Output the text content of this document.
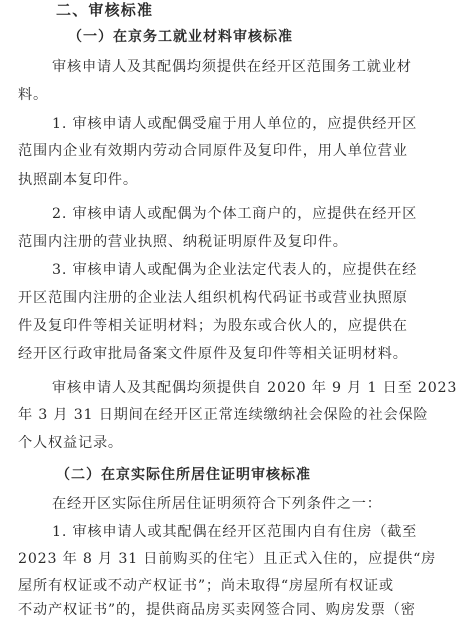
二、审核标准
（一）在京务工就业材料审核标准
审核申请人及其配偶均须提供在经开区范围务工就业材
料。
1. 审核申请人或配偶受雇于用人单位的，应提供经开区
范围内企业有效期内劳动合同原件及复印件，用人单位营业
执照副本复印件。
2. 审核申请人或配偶为个体工商户的，应提供在经开区
范围内注册的营业执照、纳税证明原件及复印件。
3. 审核申请人或配偶为企业法定代表人的，应提供在经
开区范围内注册的企业法人组织机构代码证书或营业执照原
件及复印件等相关证明材料；为股东或合伙人的，应提供在
经开区行政审批局备案文件原件及复印件等相关证明材料。
审核申请人及其配偶均须提供自 2020 年 9 月 1 日至 2023
年 3 月 31 日期间在经开区正常连续缴纳社会保险的社会保险
个人权益记录。
（二）在京实际住所居住证明审核标准
在经开区实际住所居住证明须符合下列条件之一：
1. 审核申请人或其配偶在经开区范围内自有住房（截至
2023 年 8 月 31 日前购买的住宅）且正式入住的，应提供“房
屋所有权证或不动产权证书”；尚未取得“房屋所有权证或
不动产权证书”的，提供商品房买卖网签合同、购房发票（密
